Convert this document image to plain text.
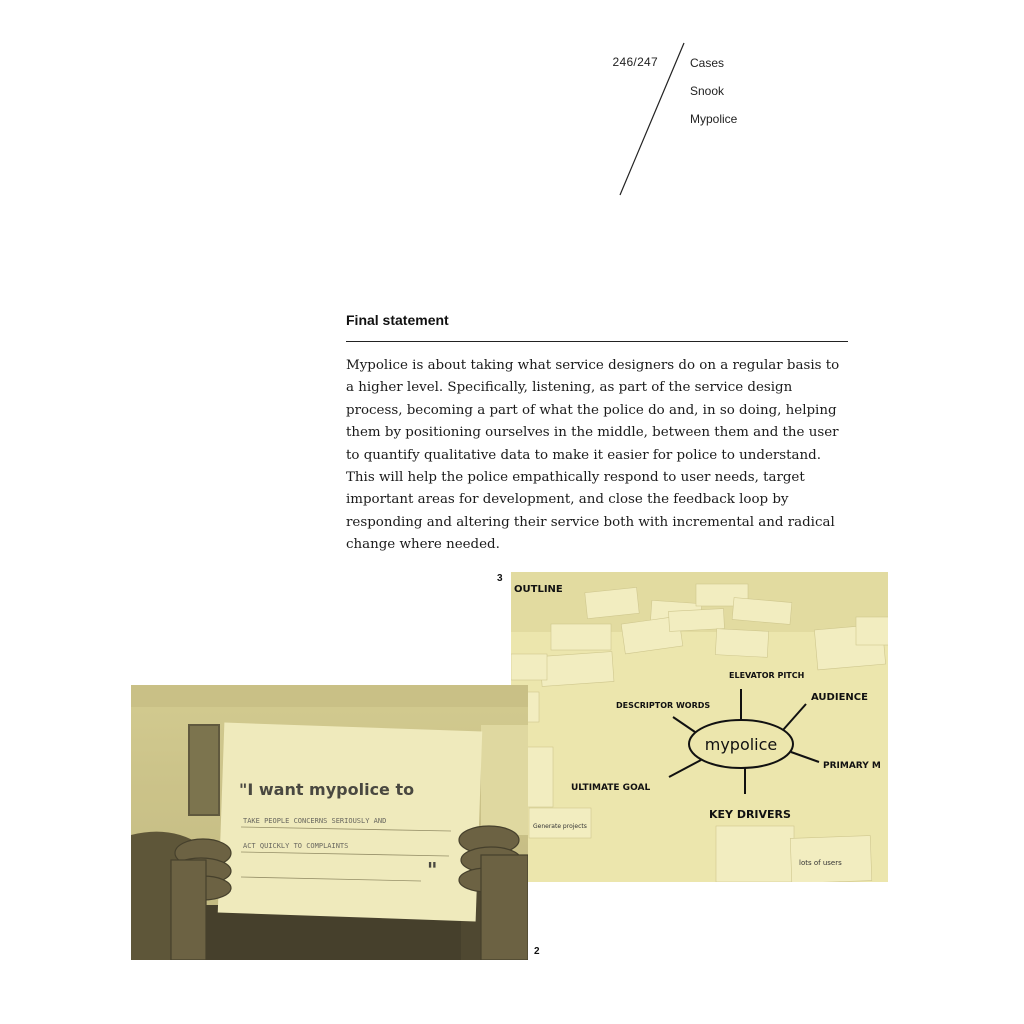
246/247	Cases
Snook
Mypolice
Final statement

Mypolice is about taking what service designers do on a regular basis to a higher level. Specifically, listening, as part of the service design process, becoming a part of what the police do and, in so doing, helping them by positioning ourselves in the middle, between them and the user to quantify qualitative data to make it easier for police to understand. This will help the police empathically respond to user needs, target important areas for development, and close the feedback loop by responding and altering their service both with incremental and radical change where needed.

3
OUTLINE
mypolice
ELEVATOR PITCH
AUDIENCE
DESCRIPTOR WORDS
PRIMARY M
ULTIMATE GOAL
KEY DRIVERS
lots of users
Generate projects
"I want mypolice to
TAKE PEOPLE CONCERNS SERIOUSLY AND
ACT QUICKLY TO COMPLAINTS
"
2
